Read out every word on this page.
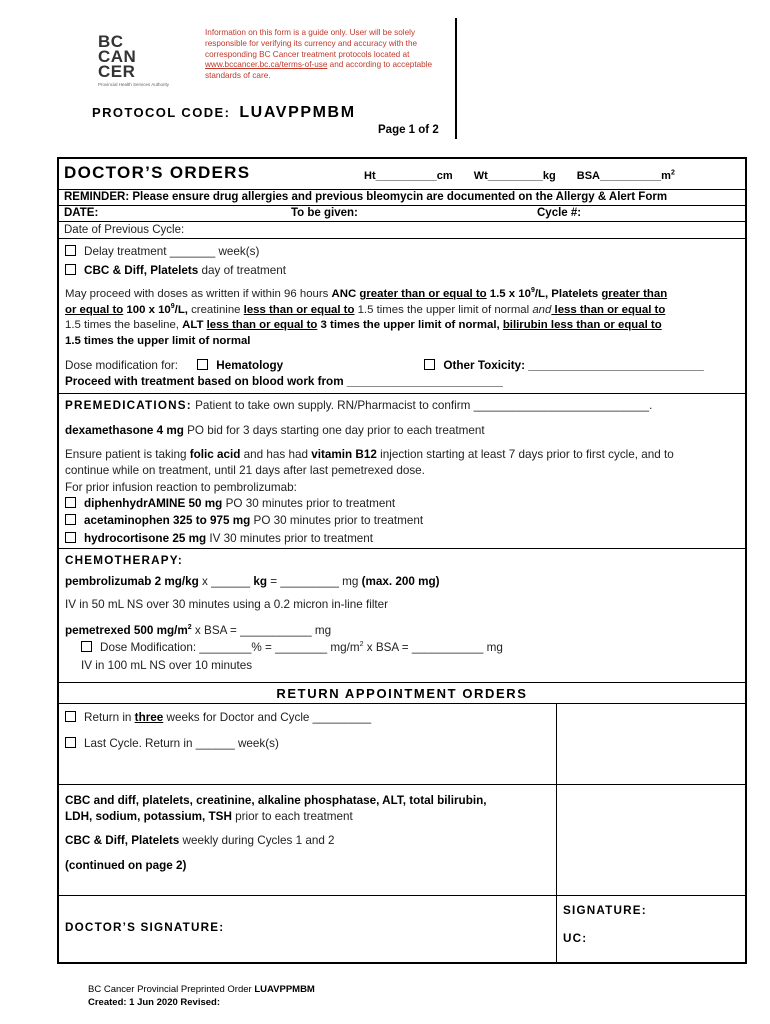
BC
CAN
CER
Provincial Health Services Authority
Information on this form is a guide only. User will be solely responsible for verifying its currency and accuracy with the corresponding BC Cancer treatment protocols located at www.bccancer.bc.ca/terms-of-use and according to acceptable standards of care.
PROTOCOL CODE: LUAVPPMBM
Page 1 of 2
DOCTOR’S ORDERS	Ht__________cm Wt_________kg $BSA\_\_\_\_\_\_\_\_\_\_m^2$
REMINDER: Please ensure drug allergies and previous bleomycin are documented on the Allergy & Alert Form
DATE:	To be given:	Cycle #:
Date of Previous Cycle:
Delay treatment _______ week(s)
CBC & Diff, Platelets day of treatment
May proceed with doses as written if within 96 hours ANC greater than or equal to 1.5 x $10^9/L$, Platelets greater than
or equal to 100 x $10^9/L$, creatinine less than or equal to 1.5 times the upper limit of normal and less than or equal to
1.5 times the baseline, ALT less than or equal to 3 times the upper limit of normal, bilirubin less than or equal to
1.5 times the upper limit of normal
Dose modification for:	Hematology	Other Toxicity: ___________________________
Proceed with treatment based on blood work from ________________________
PREMEDICATIONS: Patient to take own supply. RN/Pharmacist to confirm ___________________________.
dexamethasone 4 mg PO bid for 3 days starting one day prior to each treatment
Ensure patient is taking folic acid and has had vitamin B12 injection starting at least 7 days prior to first cycle, and to
continue while on treatment, until 21 days after last pemetrexed dose.
For prior infusion reaction to pembrolizumab:
diphenhydrAMINE 50 mg PO 30 minutes prior to treatment
acetaminophen 325 to 975 mg PO 30 minutes prior to treatment
hydrocortisone 25 mg IV 30 minutes prior to treatment
CHEMOTHERAPY:
pembrolizumab 2 mg/kg x ______ kg = _________ mg (max. 200 mg)
IV in 50 mL NS over 30 minutes using a 0.2 micron in-line filter
pemetrexed 500 $mg/m^2$ x BSA = ___________ mg
Dose Modification: ________% = ________ $mg/m^2$ x BSA = ___________ mg
IV in 100 mL NS over 10 minutes
RETURN APPOINTMENT ORDERS
Return in three weeks for Doctor and Cycle _________
Last Cycle. Return in ______ week(s)
CBC and diff, platelets, creatinine, alkaline phosphatase, ALT, total bilirubin,
LDH, sodium, potassium, TSH prior to each treatment
CBC & Diff, Platelets weekly during Cycles 1 and 2
(continued on page 2)
DOCTOR’S SIGNATURE:
SIGNATURE:
UC:
BC Cancer Provincial Preprinted Order LUAVPPMBM
Created: 1 Jun 2020 Revised:
